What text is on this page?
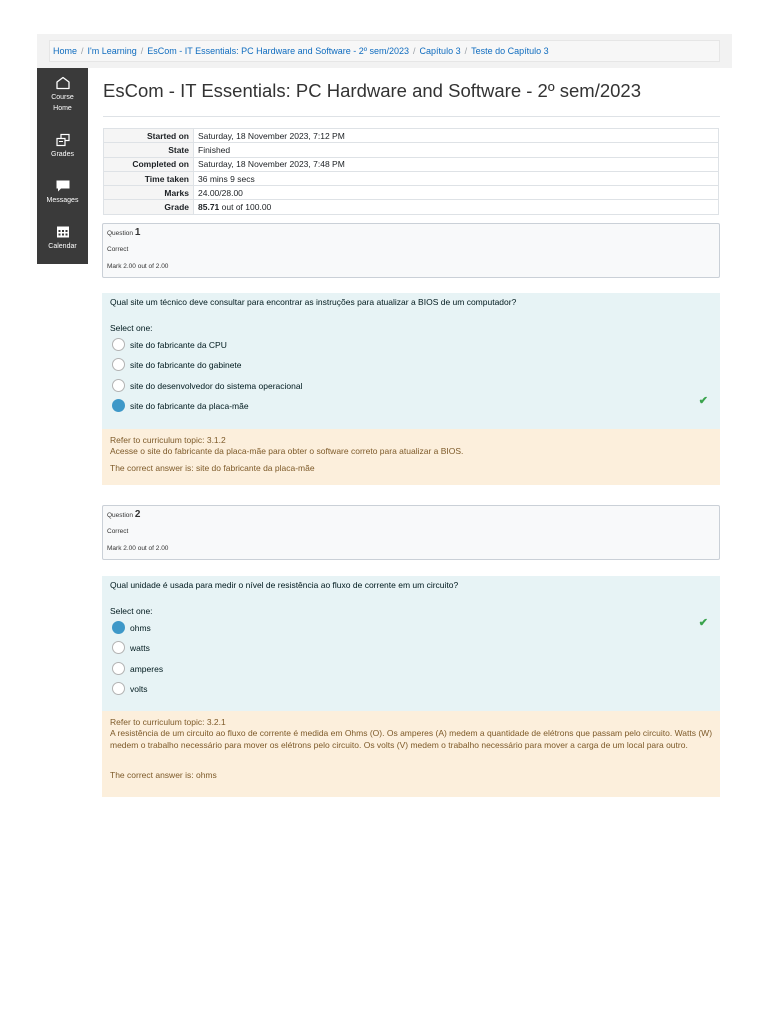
Home / I'm Learning / EsCom - IT Essentials: PC Hardware and Software - 2º sem/2023 / Capítulo 3 / Teste do Capítulo 3
Course
Home
Grades
Messages
Calendar
EsCom - IT Essentials: PC Hardware and Software - 2º sem/2023
Started on	Saturday, 18 November 2023, 7:12 PM
State	Finished
Completed on	Saturday, 18 November 2023, 7:48 PM
Time taken	36 mins 9 secs
Marks	24.00/28.00
Grade	85.71 out of 100.00
Question 1
Correct
Mark 2.00 out of 2.00
Qual site um técnico deve consultar para encontrar as instruções para atualizar a BIOS de um computador?
Select one:
site do fabricante da CPU
site do fabricante do gabinete
site do desenvolvedor do sistema operacional
site do fabricante da placa-mãe	✔
Refer to curriculum topic: 3.1.2
Acesse o site do fabricante da placa-mãe para obter o software correto para atualizar a BIOS.
The correct answer is: site do fabricante da placa-mãe
Question 2
Correct
Mark 2.00 out of 2.00
Qual unidade é usada para medir o nível de resistência ao fluxo de corrente em um circuito?
Select one:
ohms
watts
amperes
volts
✔
Refer to curriculum topic: 3.2.1
A resistência de um circuito ao fluxo de corrente é medida em Ohms (O). Os amperes (A) medem a quantidade de elétrons que passam pelo circuito. Watts (W) medem o trabalho necessário para mover os elétrons pelo circuito. Os volts (V) medem o trabalho necessário para mover a carga de um local para outro.
The correct answer is: ohms
